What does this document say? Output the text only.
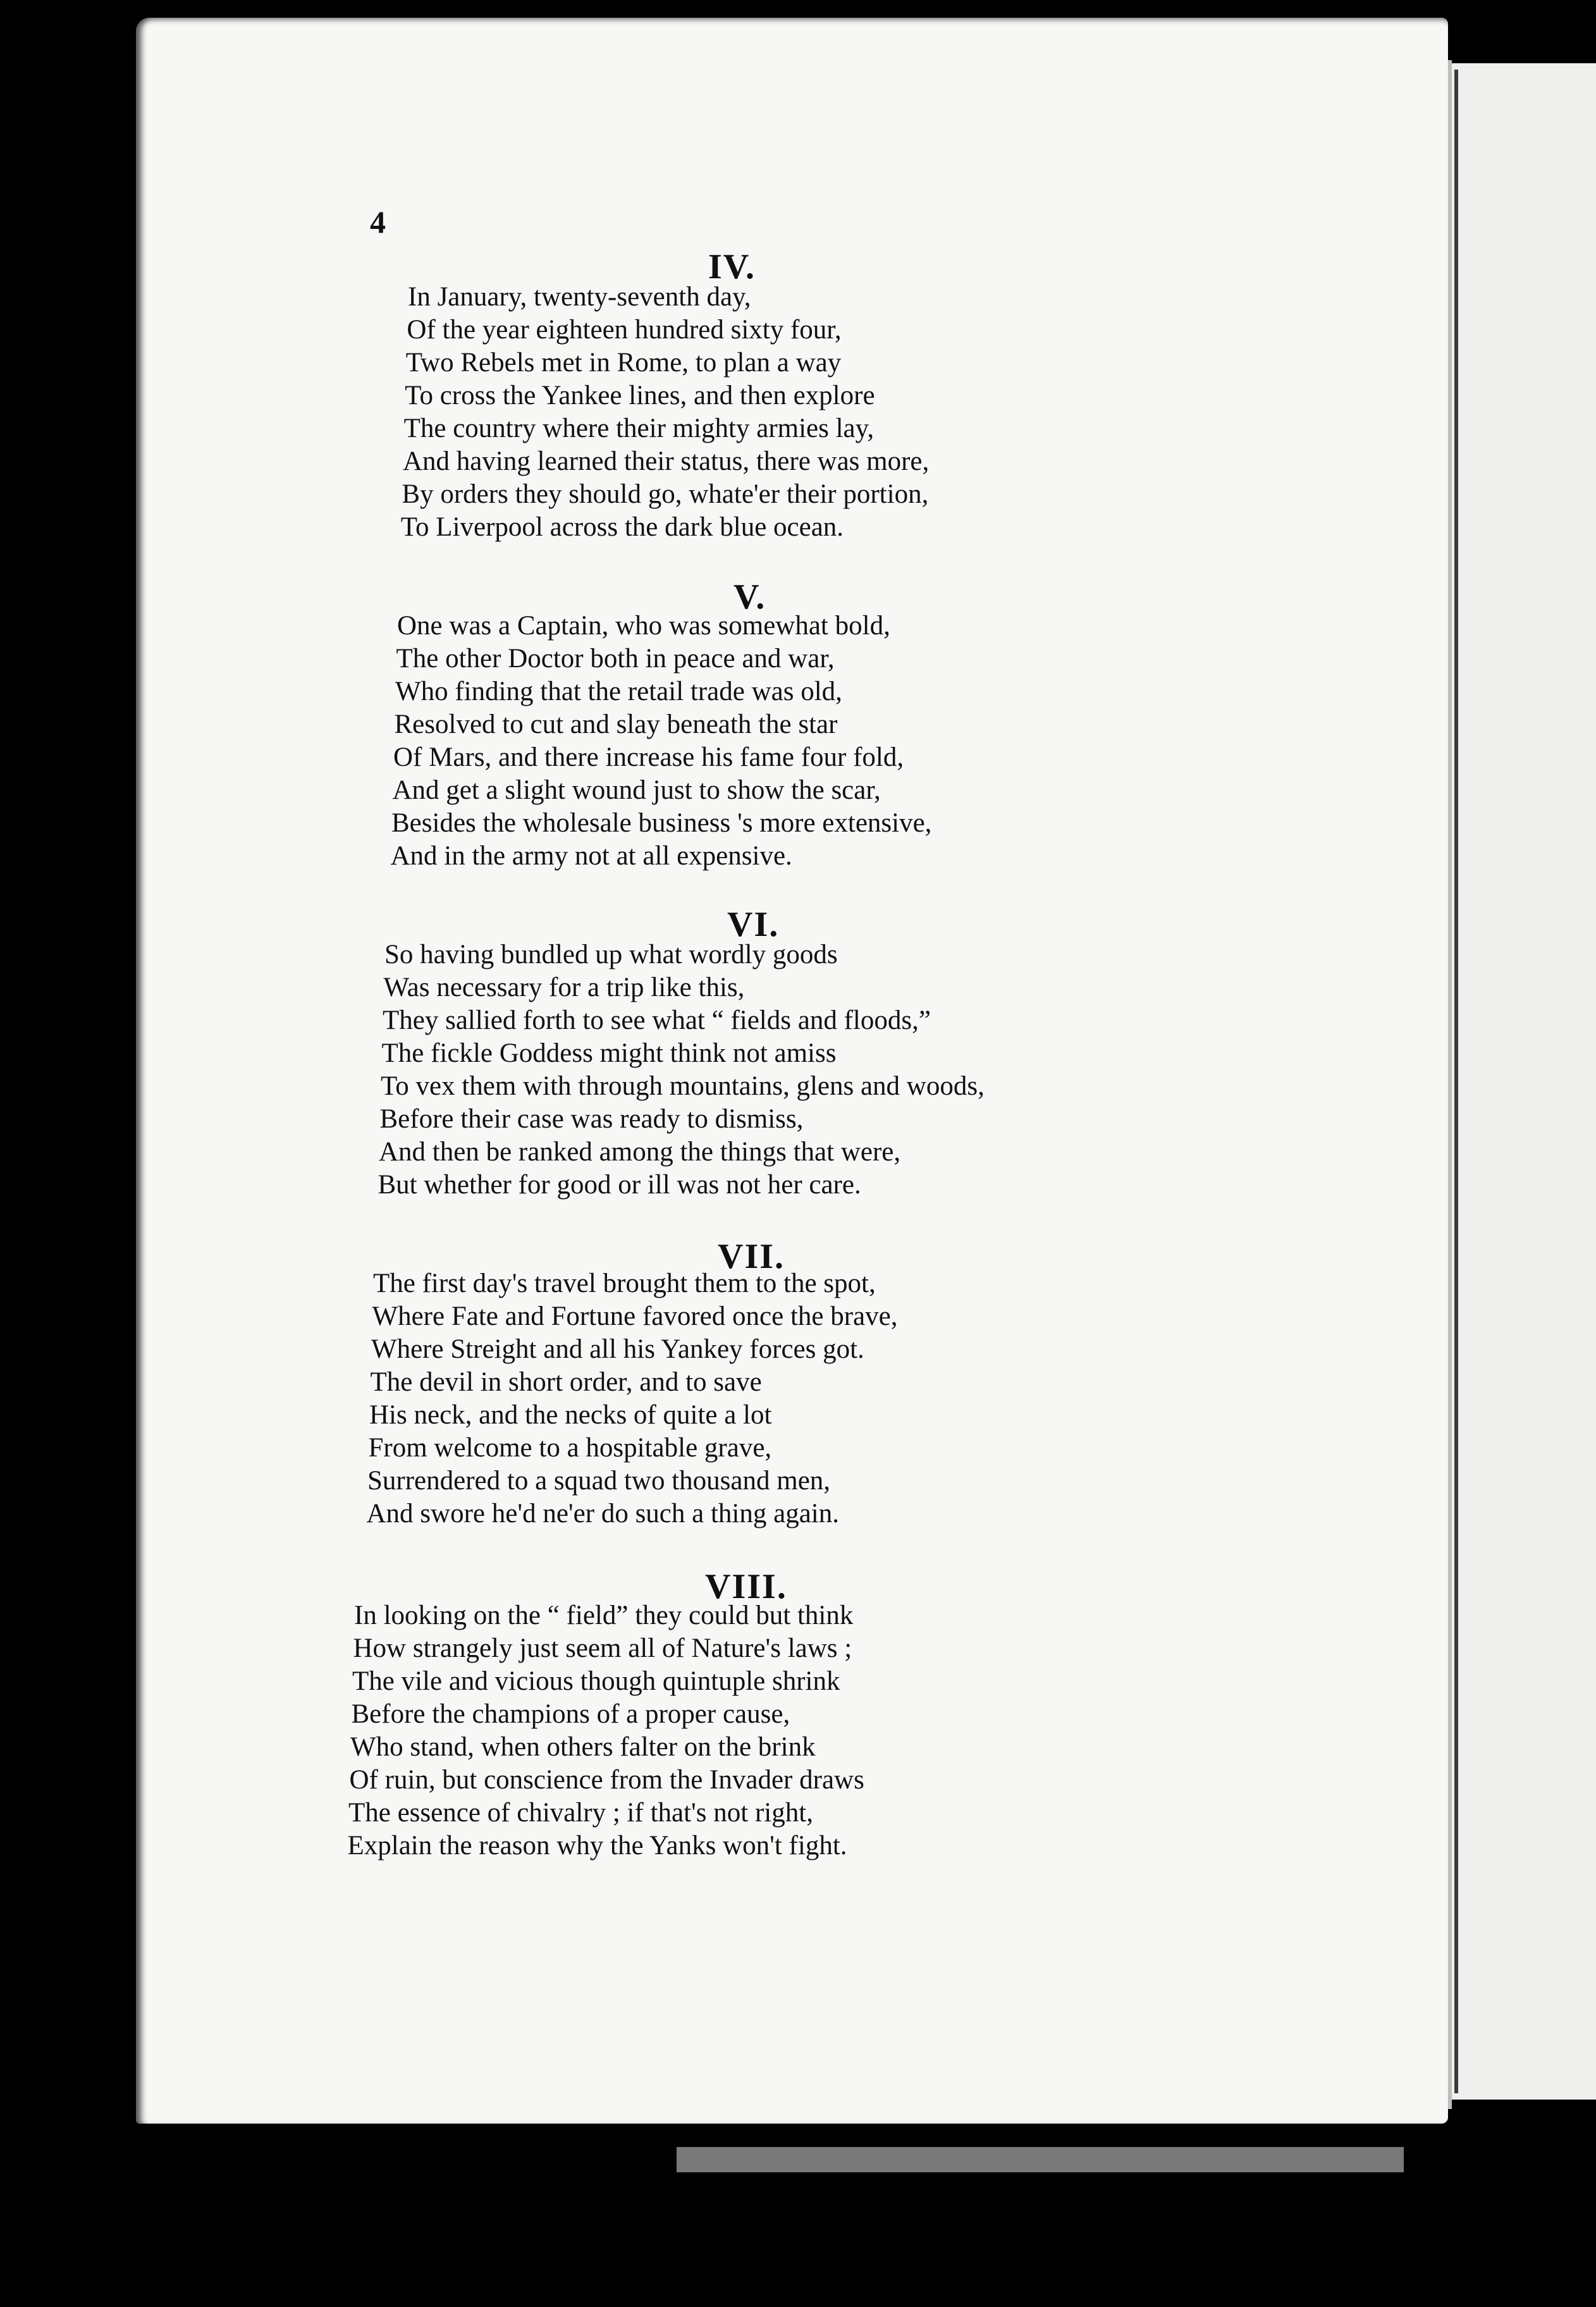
4
IV.
In January, twenty-seventh day,
Of the year eighteen hundred sixty four,
Two Rebels met in Rome, to plan a way
To cross the Yankee lines, and then explore
The country where their mighty armies lay,
And having learned their status, there was more,
By orders they should go, whate'er their portion,
To Liverpool across the dark blue ocean.
V.
One was a Captain, who was somewhat bold,
The other Doctor both in peace and war,
Who finding that the retail trade was old,
Resolved to cut and slay beneath the star
Of Mars, and there increase his fame four fold,
And get a slight wound just to show the scar,
Besides the wholesale business 's more extensive,
And in the army not at all expensive.
VI.
So having bundled up what wordly goods
Was necessary for a trip like this,
They sallied forth to see what “ fields and floods,”
The fickle Goddess might think not amiss
To vex them with through mountains, glens and woods,
Before their case was ready to dismiss,
And then be ranked among the things that were,
But whether for good or ill was not her care.
VII.
The first day's travel brought them to the spot,
Where Fate and Fortune favored once the brave,
Where Streight and all his Yankey forces got.
The devil in short order, and to save
His neck, and the necks of quite a lot
From welcome to a hospitable grave,
Surrendered to a squad two thousand men,
And swore he'd ne'er do such a thing again.
VIII.
In looking on the “ field” they could but think
How strangely just seem all of Nature's laws ;
The vile and vicious though quintuple shrink
Before the champions of a proper cause,
Who stand, when others falter on the brink
Of ruin, but conscience from the Invader draws
The essence of chivalry ; if that's not right,
Explain the reason why the Yanks won't fight.
